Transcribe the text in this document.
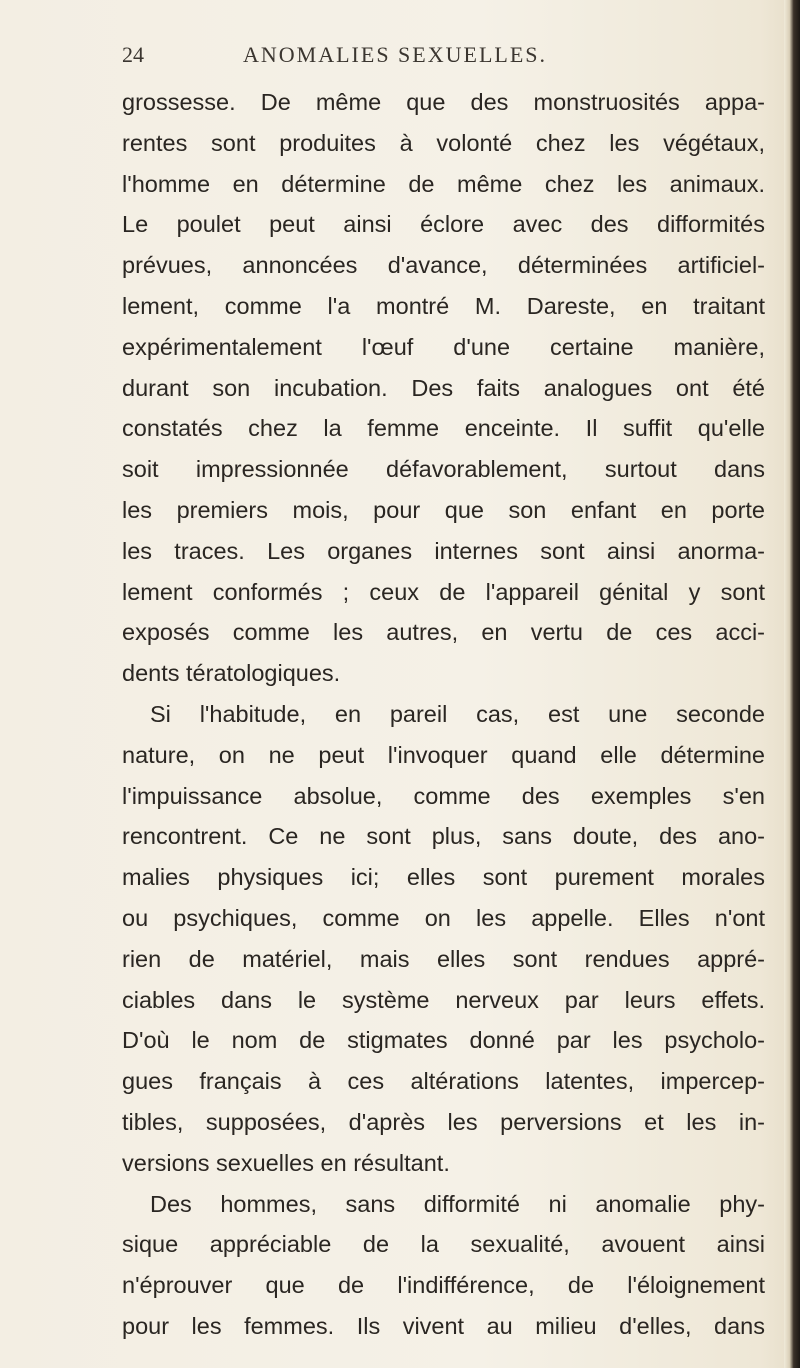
24	ANOMALIES SEXUELLES.
grossesse. De même que des monstruosités appa-
rentes sont produites à volonté chez les végétaux,
l'homme en détermine de même chez les animaux.
Le poulet peut ainsi éclore avec des difformités
prévues, annoncées d'avance, déterminées artificiel-
lement, comme l'a montré M. Dareste, en traitant
expérimentalement l'œuf d'une certaine manière,
durant son incubation. Des faits analogues ont été
constatés chez la femme enceinte. Il suffit qu'elle
soit impressionnée défavorablement, surtout dans
les premiers mois, pour que son enfant en porte
les traces. Les organes internes sont ainsi anorma-
lement conformés ; ceux de l'appareil génital y sont
exposés comme les autres, en vertu de ces acci-
dents tératologiques.
Si l'habitude, en pareil cas, est une seconde
nature, on ne peut l'invoquer quand elle détermine
l'impuissance absolue, comme des exemples s'en
rencontrent. Ce ne sont plus, sans doute, des ano-
malies physiques ici; elles sont purement morales
ou psychiques, comme on les appelle. Elles n'ont
rien de matériel, mais elles sont rendues appré-
ciables dans le système nerveux par leurs effets.
D'où le nom de stigmates donné par les psycholo-
gues français à ces altérations latentes, impercep-
tibles, supposées, d'après les perversions et les in-
versions sexuelles en résultant.
Des hommes, sans difformité ni anomalie phy-
sique appréciable de la sexualité, avouent ainsi
n'éprouver que de l'indifférence, de l'éloignement
pour les femmes. Ils vivent au milieu d'elles, dans
